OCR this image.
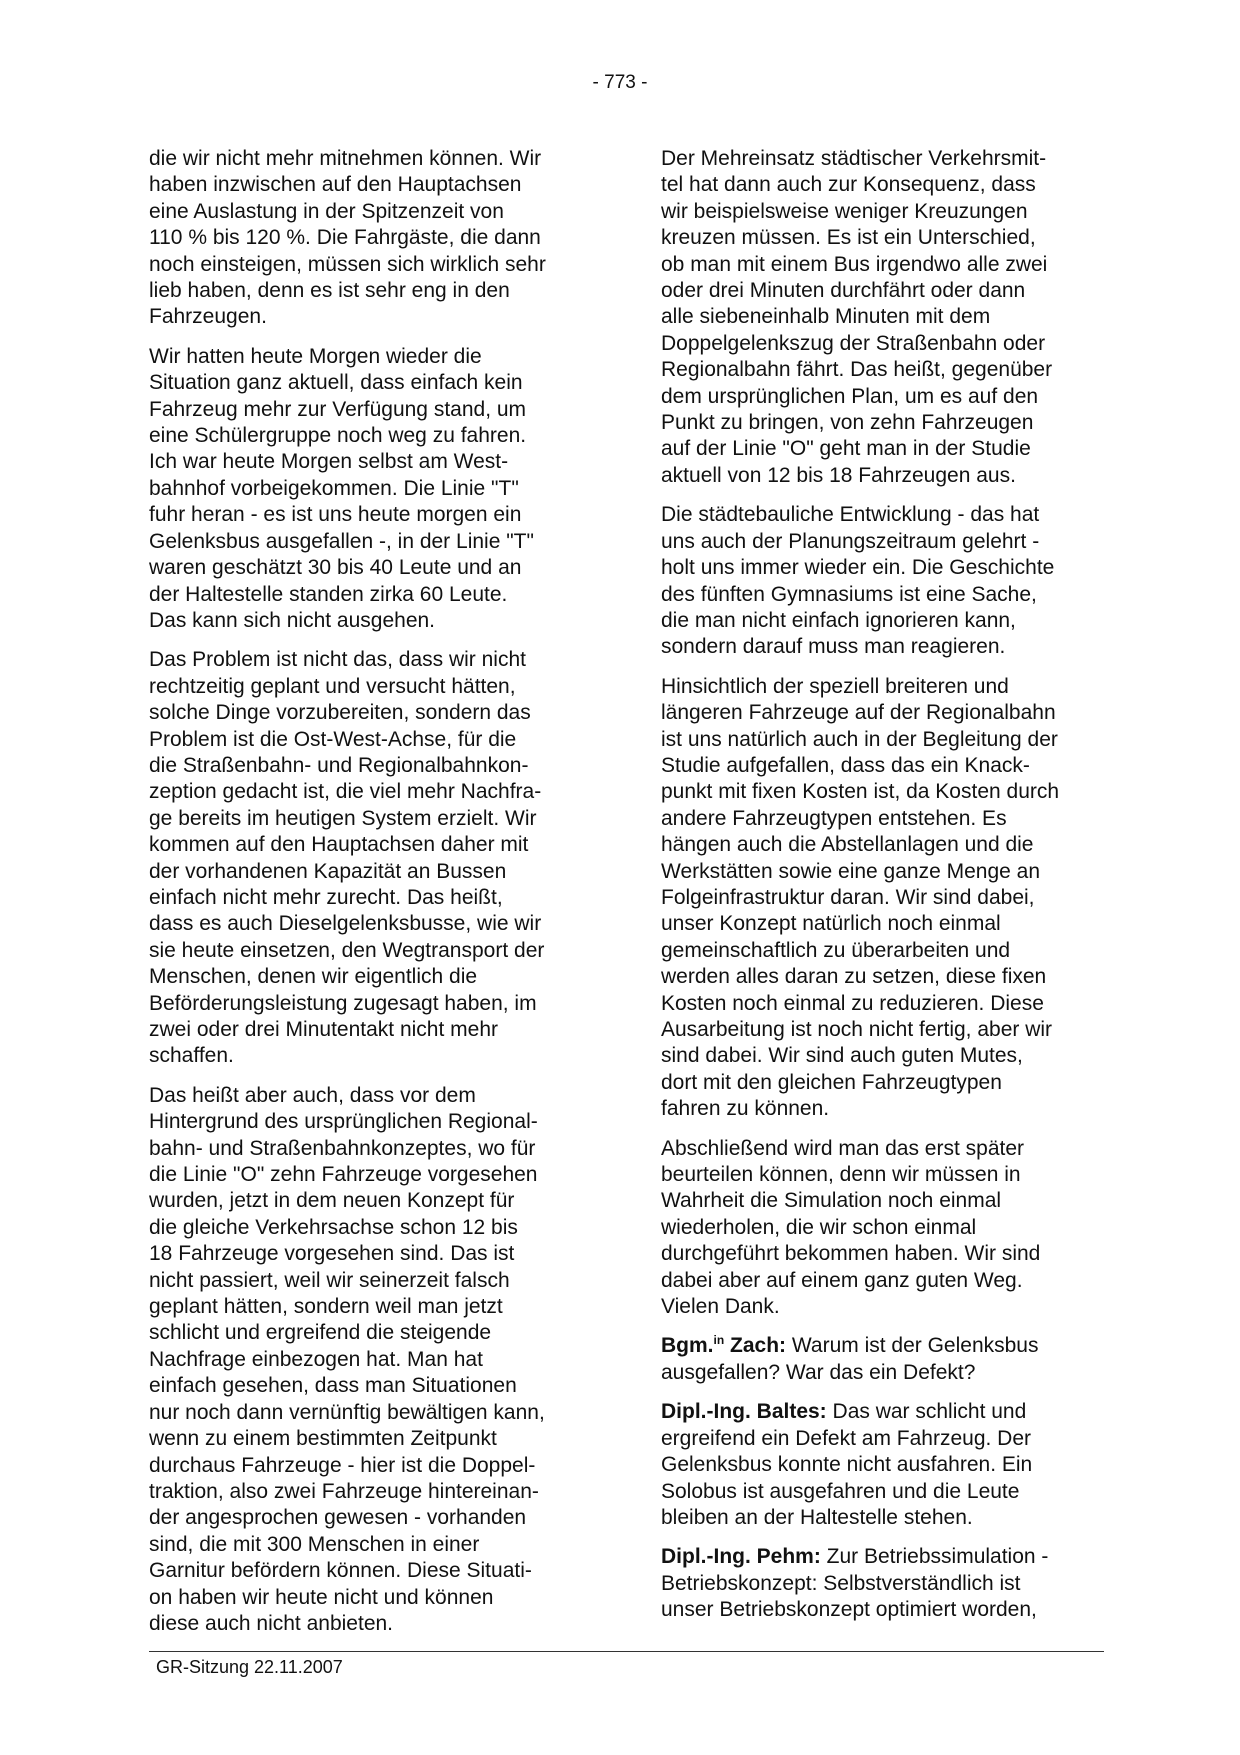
- 773 -

die wir nicht mehr mitnehmen können. Wir
haben inzwischen auf den Hauptachsen
eine Auslastung in der Spitzenzeit von
110 % bis 120 %. Die Fahrgäste, die dann
noch einsteigen, müssen sich wirklich sehr
lieb haben, denn es ist sehr eng in den
Fahrzeugen.

Wir hatten heute Morgen wieder die
Situation ganz aktuell, dass einfach kein
Fahrzeug mehr zur Verfügung stand, um
eine Schülergruppe noch weg zu fahren.
Ich war heute Morgen selbst am West-
bahnhof vorbeigekommen. Die Linie "T"
fuhr heran - es ist uns heute morgen ein
Gelenksbus ausgefallen -, in der Linie "T"
waren geschätzt 30 bis 40 Leute und an
der Haltestelle standen zirka 60 Leute.
Das kann sich nicht ausgehen.

Das Problem ist nicht das, dass wir nicht
rechtzeitig geplant und versucht hätten,
solche Dinge vorzubereiten, sondern das
Problem ist die Ost-West-Achse, für die
die Straßenbahn- und Regionalbahnkon-
zeption gedacht ist, die viel mehr Nachfra-
ge bereits im heutigen System erzielt. Wir
kommen auf den Hauptachsen daher mit
der vorhandenen Kapazität an Bussen
einfach nicht mehr zurecht. Das heißt,
dass es auch Dieselgelenksbusse, wie wir
sie heute einsetzen, den Wegtransport der
Menschen, denen wir eigentlich die
Beförderungsleistung zugesagt haben, im
zwei oder drei Minutentakt nicht mehr
schaffen.

Das heißt aber auch, dass vor dem
Hintergrund des ursprünglichen Regional-
bahn- und Straßenbahnkonzeptes, wo für
die Linie "O" zehn Fahrzeuge vorgesehen
wurden, jetzt in dem neuen Konzept für
die gleiche Verkehrsachse schon 12 bis
18 Fahrzeuge vorgesehen sind. Das ist
nicht passiert, weil wir seinerzeit falsch
geplant hätten, sondern weil man jetzt
schlicht und ergreifend die steigende
Nachfrage einbezogen hat. Man hat
einfach gesehen, dass man Situationen
nur noch dann vernünftig bewältigen kann,
wenn zu einem bestimmten Zeitpunkt
durchaus Fahrzeuge - hier ist die Doppel-
traktion, also zwei Fahrzeuge hintereinan-
der angesprochen gewesen - vorhanden
sind, die mit 300 Menschen in einer
Garnitur befördern können. Diese Situati-
on haben wir heute nicht und können
diese auch nicht anbieten.

Der Mehreinsatz städtischer Verkehrsmit-
tel hat dann auch zur Konsequenz, dass
wir beispielsweise weniger Kreuzungen
kreuzen müssen. Es ist ein Unterschied,
ob man mit einem Bus irgendwo alle zwei
oder drei Minuten durchfährt oder dann
alle siebeneinhalb Minuten mit dem
Doppelgelenkszug der Straßenbahn oder
Regionalbahn fährt. Das heißt, gegenüber
dem ursprünglichen Plan, um es auf den
Punkt zu bringen, von zehn Fahrzeugen
auf der Linie "O" geht man in der Studie
aktuell von 12 bis 18 Fahrzeugen aus.

Die städtebauliche Entwicklung - das hat
uns auch der Planungszeitraum gelehrt -
holt uns immer wieder ein. Die Geschichte
des fünften Gymnasiums ist eine Sache,
die man nicht einfach ignorieren kann,
sondern darauf muss man reagieren.

Hinsichtlich der speziell breiteren und
längeren Fahrzeuge auf der Regionalbahn
ist uns natürlich auch in der Begleitung der
Studie aufgefallen, dass das ein Knack-
punkt mit fixen Kosten ist, da Kosten durch
andere Fahrzeugtypen entstehen. Es
hängen auch die Abstellanlagen und die
Werkstätten sowie eine ganze Menge an
Folgeinfrastruktur daran. Wir sind dabei,
unser Konzept natürlich noch einmal
gemeinschaftlich zu überarbeiten und
werden alles daran zu setzen, diese fixen
Kosten noch einmal zu reduzieren. Diese
Ausarbeitung ist noch nicht fertig, aber wir
sind dabei. Wir sind auch guten Mutes,
dort mit den gleichen Fahrzeugtypen
fahren zu können.

Abschließend wird man das erst später
beurteilen können, denn wir müssen in
Wahrheit die Simulation noch einmal
wiederholen, die wir schon einmal
durchgeführt bekommen haben. Wir sind
dabei aber auf einem ganz guten Weg.
Vielen Dank.

Bgm.$^{in}$ Zach: Warum ist der Gelenksbus
ausgefallen? War das ein Defekt?

Dipl.-Ing. Baltes: Das war schlicht und
ergreifend ein Defekt am Fahrzeug. Der
Gelenksbus konnte nicht ausfahren. Ein
Solobus ist ausgefahren und die Leute
bleiben an der Haltestelle stehen.

Dipl.-Ing. Pehm: Zur Betriebssimulation -
Betriebskonzept: Selbstverständlich ist
unser Betriebskonzept optimiert worden,

GR-Sitzung 22.11.2007
